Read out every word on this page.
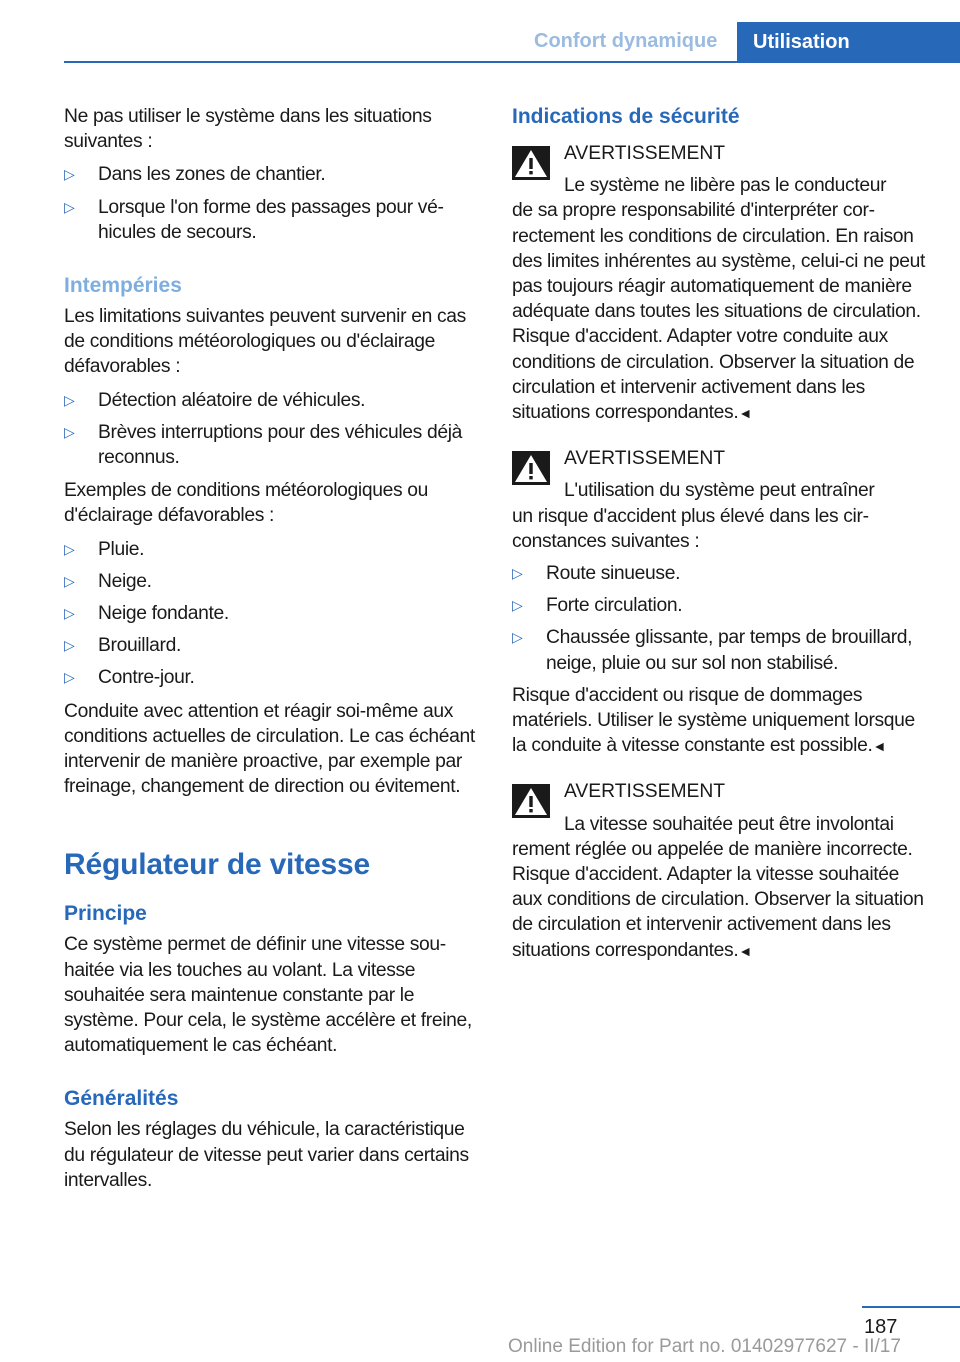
Confort dynamique	Utilisation

Ne pas utiliser le système dans les situations suivantes :

▷ Dans les zones de chantier.
▷ Lorsque l'on forme des passages pour véhicules de secours.
Intempéries

Les limitations suivantes peuvent survenir en cas de conditions météorologiques ou d'éclairage défavorables :

▷ Détection aléatoire de véhicules.
▷ Brèves interruptions pour des véhicules déjà reconnus.

Exemples de conditions météorologiques ou d'éclairage défavorables :

▷ Pluie.
▷ Neige.
▷ Neige fondante.
▷ Brouillard.
▷ Contre-jour.

Conduite avec attention et réagir soi-même aux conditions actuelles de circulation. Le cas échéant intervenir de manière proactive, par exemple par freinage, changement de direction ou évitement.

Régulateur de vitesse
Principe

Ce système permet de définir une vitesse souhaitée via les touches au volant. La vitesse souhaitée sera maintenue constante par le système. Pour cela, le système accélère et freine, automatiquement le cas échéant.

Généralités

Selon les réglages du véhicule, la caractéristique du régulateur de vitesse peut varier dans certains intervalles.

Indications de sécurité
AVERTISSEMENT

Le système ne libère pas le conducteur

de sa propre responsabilité d'interpréter correctement les conditions de circulation. En raison des limites inhérentes au système, celui-ci ne peut pas toujours réagir automatiquement de manière adéquate dans toutes les situations de circulation. Risque d'accident. Adapter votre conduite aux conditions de circulation. Observer la situation de circulation et intervenir activement dans les situations correspondantes.◄

AVERTISSEMENT

L'utilisation du système peut entraîner

un risque d'accident plus élevé dans les circonstances suivantes :

▷ Route sinueuse.
▷ Forte circulation.
▷ Chaussée glissante, par temps de brouillard, neige, pluie ou sur sol non stabilisé.

Risque d'accident ou risque de dommages matériels. Utiliser le système uniquement lorsque la conduite à vitesse constante est possible.◄

AVERTISSEMENT

La vitesse souhaitée peut être involontai

rement réglée ou appelée de manière incorrecte. Risque d'accident. Adapter la vitesse souhaitée aux conditions de circulation. Observer la situation de circulation et intervenir activement dans les situations correspondantes.◄

187
Online Edition for Part no. 01402977627 - II/17
